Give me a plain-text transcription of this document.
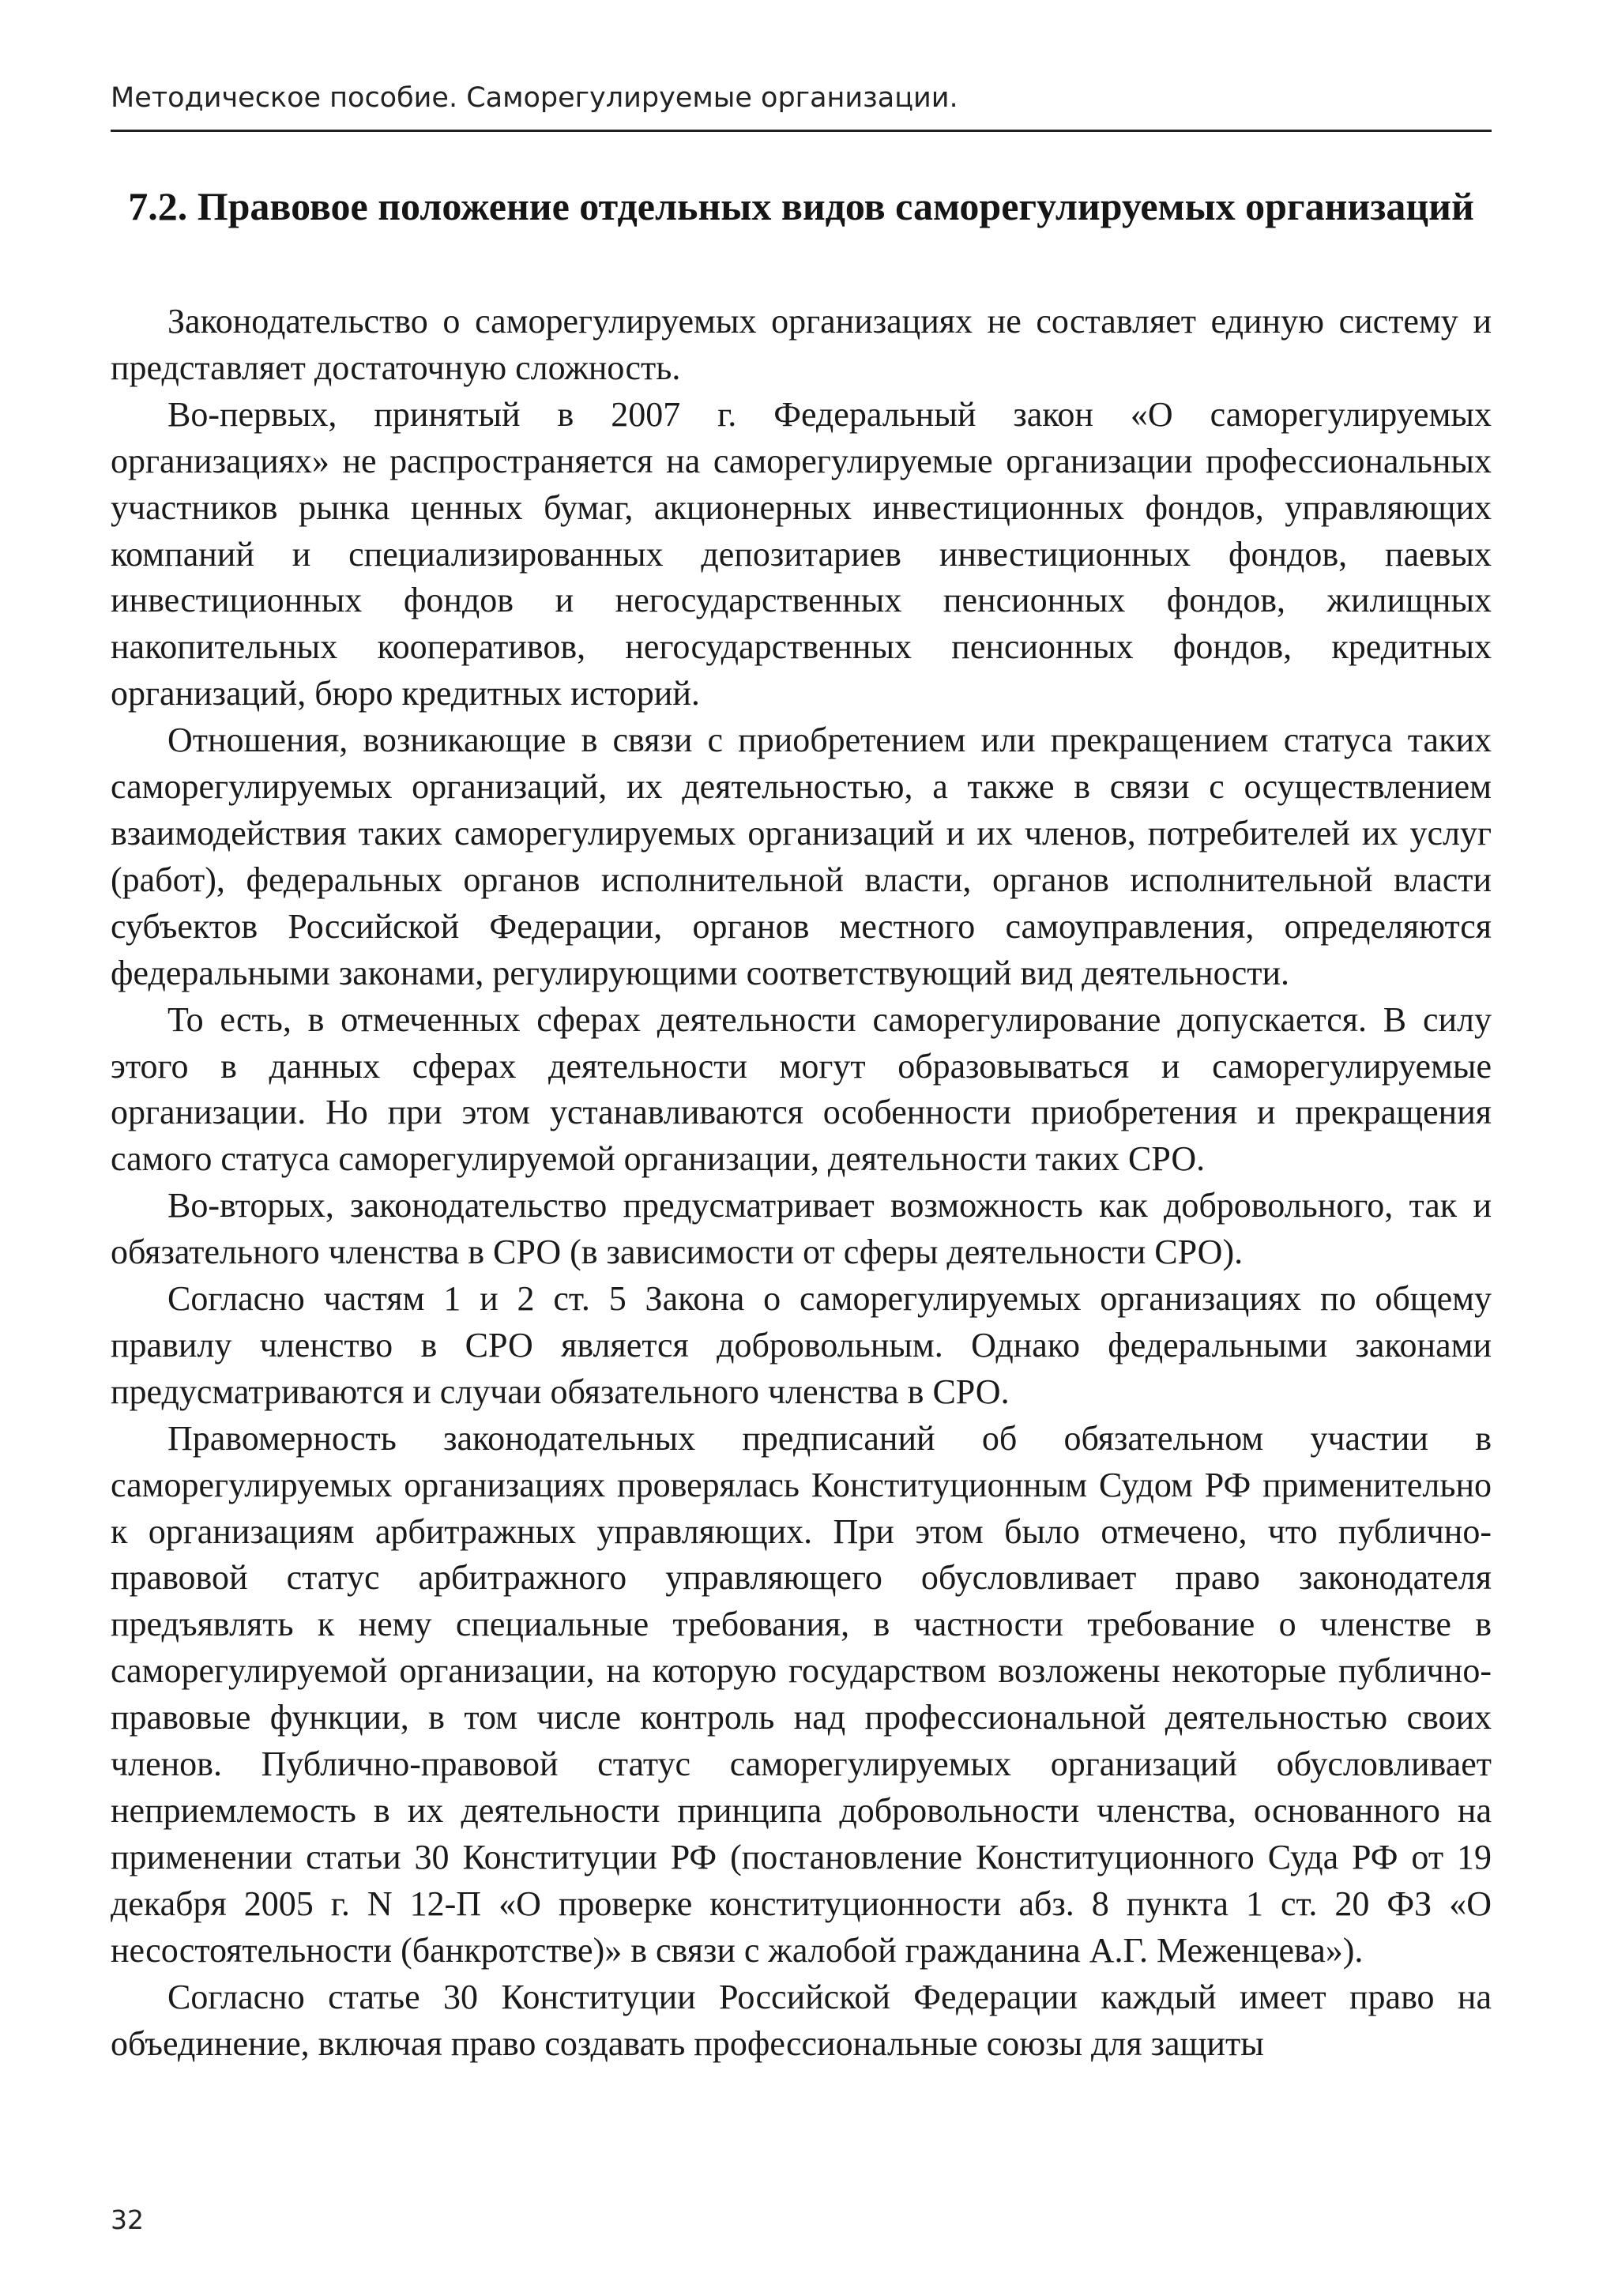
Методическое пособие. Саморегулируемые организации.
7.2. Правовое положение отдельных видов саморегулируемых организаций

Законодательство о саморегулируемых организациях не составляет единую систему и представляет достаточную сложность.

Во-первых, принятый в 2007 г. Федеральный закон «О саморегулируемых организациях» не распространяется на саморегулируемые организации профессиональных участников рынка ценных бумаг, акционерных инвестиционных фондов, управляющих компаний и специализированных депозитариев инвестиционных фондов, паевых инвестиционных фондов и негосударственных пенсионных фондов, жилищных накопительных кооперативов, негосударственных пенсионных фондов, кредитных организаций, бюро кредитных историй.

Отношения, возникающие в связи с приобретением или прекращением статуса таких саморегулируемых организаций, их деятельностью, а также в связи с осуществлением взаимодействия таких саморегулируемых организаций и их членов, потребителей их услуг (работ), федеральных органов исполнительной власти, органов исполнительной власти субъектов Российской Федерации, органов местного самоуправления, определяются федеральными законами, регулирующими соответствующий вид деятельности.

То есть, в отмеченных сферах деятельности саморегулирование допускается. В силу этого в данных сферах деятельности могут образовываться и саморегулируемые организации. Но при этом устанавливаются особенности приобретения и прекращения самого статуса саморегулируемой организации, деятельности таких СРО.

Во-вторых, законодательство предусматривает возможность как добровольного, так и обязательного членства в СРО (в зависимости от сферы деятельности СРО).

Согласно частям 1 и 2 ст. 5 Закона о саморегулируемых организациях по общему правилу членство в СРО является добровольным. Однако федеральными законами предусматриваются и случаи обязательного членства в СРО.

Правомерность законодательных предписаний об обязательном участии в саморегулируемых организациях проверялась Конституционным Судом РФ применительно к организациям арбитражных управляющих. При этом было отмечено, что публично-правовой статус арбитражного управляющего обусловливает право законодателя предъявлять к нему специальные требования, в частности требование о членстве в саморегулируемой организации, на которую государством возложены некоторые публично-правовые функции, в том числе контроль над профессиональной деятельностью своих членов. Публично-правовой статус саморегулируемых организаций обусловливает неприемлемость в их деятельности принципа добровольности членства, основанного на применении статьи 30 Конституции РФ (постановление Конституционного Суда РФ от 19 декабря 2005 г. N 12-П «О проверке конституционности абз. 8 пункта 1 ст. 20 ФЗ «О несостоятельности (банкротстве)» в связи с жалобой гражданина А.Г. Меженцева»).

Согласно статье 30 Конституции Российской Федерации каждый имеет право на объединение, включая право создавать профессиональные союзы для защиты

32
